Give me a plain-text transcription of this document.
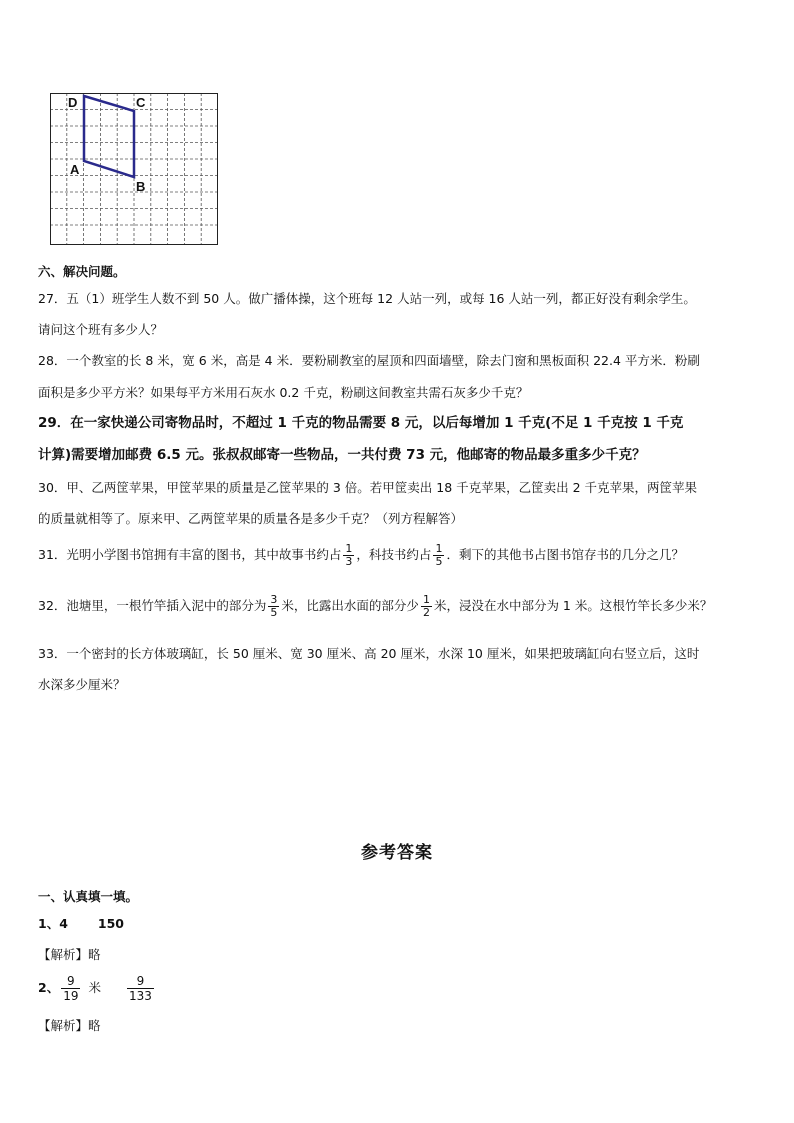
D	C
A
B
六、解决问题。
27．五（1）班学生人数不到 50 人。做广播体操，这个班每 12 人站一列，或每 16 人站一列，都正好没有剩余学生。
请问这个班有多少人？
28．一个教室的长 8 米，宽 6 米，高是 4 米．要粉刷教室的屋顶和四面墙壁，除去门窗和黑板面积 22.4 平方米．粉刷
面积是多少平方米？如果每平方米用石灰水 0.2 千克，粉刷这间教室共需石灰多少千克？
29．在一家快递公司寄物品时，不超过 1 千克的物品需要 8 元，以后每增加 1 千克(不足 1 千克按 1 千克
计算)需要增加邮费 6.5 元。张叔叔邮寄一些物品，一共付费 73 元，他邮寄的物品最多重多少千克？
30．甲、乙两筐苹果，甲筐苹果的质量是乙筐苹果的 3 倍。若甲筐卖出 18 千克苹果，乙筐卖出 2 千克苹果，两筐苹果
的质量就相等了。原来甲、乙两筐苹果的质量各是多少千克？（列方程解答）
31．光明小学图书馆拥有丰富的图书，其中故事书约占 $\frac{1}{3}$ ，科技书约占 $\frac{1}{5}$ ．剩下的其他书占图书馆存书的几分之几？
32．池塘里，一根竹竿插入泥中的部分为 $\frac{3}{5}$ 米，比露出水面的部分少 $\frac{1}{2}$ 米，浸没在水中部分为 1 米。这根竹竿长多少米？
33．一个密封的长方体玻璃缸，长 50 厘米、宽 30 厘米、高 20 厘米，水深 10 厘米，如果把玻璃缸向右竖立后，这时
水深多少厘米？
参考答案
一、认真填一填。
1、4 150
【解析】略
2、 $\frac{9}{19}$ 米 $\frac{9}{133}$
【解析】略
